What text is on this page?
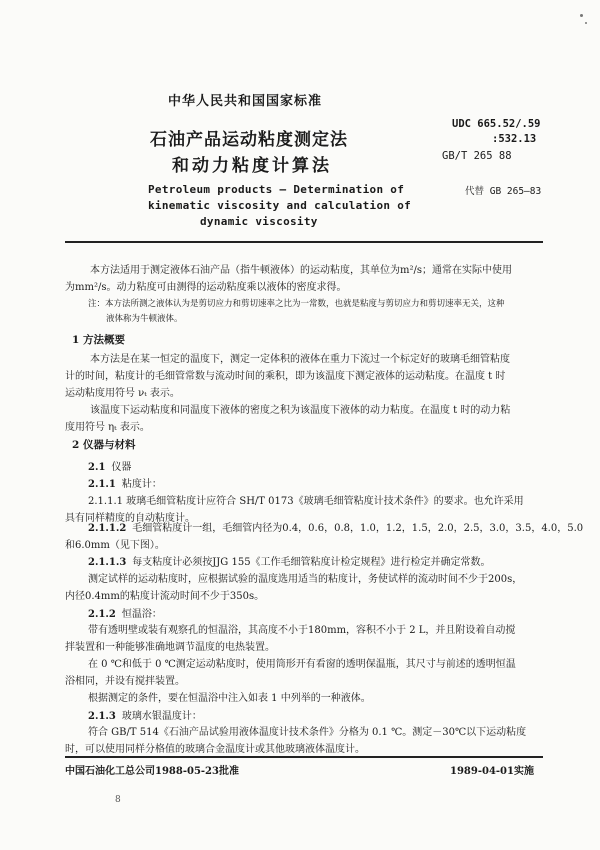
中华人民共和国国家标准
石油产品运动粘度测定法
和动力粘度计算法
Petroleum products — Determination of
kinematic viscosity and calculation of
dynamic viscosity
UDC 665.52/.59
:532.13
GB/T 265 88
代替 GB 265—83
本方法适用于测定液体石油产品（指牛顿液体）的运动粘度，其单位为m²/s；通常在实际中使用
为mm²/s。动力粘度可由测得的运动粘度乘以液体的密度求得。
注：本方法所测之液体认为是剪切应力和剪切速率之比为一常数，也就是粘度与剪切应力和剪切速率无关，这种
液体称为牛顿液体。
1 方法概要
本方法是在某一恒定的温度下，测定一定体积的液体在重力下流过一个标定好的玻璃毛细管粘度
计的时间，粘度计的毛细管常数与流动时间的乘积，即为该温度下测定液体的运动粘度。在温度 t 时
运动粘度用符号 νₜ 表示。
该温度下运动粘度和同温度下液体的密度之积为该温度下液体的动力粘度。在温度 t 时的动力粘
度用符号 ηₜ 表示。
2 仪器与材料
2.1 仪器
2.1.1 粘度计：
2.1.1.1 玻璃毛细管粘度计应符合 SH/T 0173《玻璃毛细管粘度计技术条件》的要求。也允许采用
具有同样精度的自动粘度计。
2.1.1.2 毛细管粘度计一组，毛细管内径为0.4，0.6，0.8，1.0，1.2，1.5，2.0，2.5，3.0，3.5，4.0，5.0
和6.0mm（见下图）。
2.1.1.3 每支粘度计必须按JJG 155《工作毛细管粘度计检定规程》进行检定并确定常数。
测定试样的运动粘度时，应根据试验的温度选用适当的粘度计，务使试样的流动时间不少于200s，
内径0.4mm的粘度计流动时间不少于350s。
2.1.2 恒温浴：
带有透明壁或装有观察孔的恒温浴，其高度不小于180mm，容积不小于 2 L，并且附设着自动搅
拌装置和一种能够准确地调节温度的电热装置。
在 0 ℃和低于 0 ℃测定运动粘度时，使用筒形开有看窗的透明保温瓶，其尺寸与前述的透明恒温
浴相同，并设有搅拌装置。
根据测定的条件，要在恒温浴中注入如表 1 中列举的一种液体。
2.1.3 玻璃水银温度计：
符合 GB/T 514《石油产品试验用液体温度计技术条件》分格为 0.1 ℃。测定－30℃以下运动粘度
时，可以使用同样分格值的玻璃合金温度计或其他玻璃液体温度计。
中国石油化工总公司1988-05-23批准	1989-04-01实施
8
